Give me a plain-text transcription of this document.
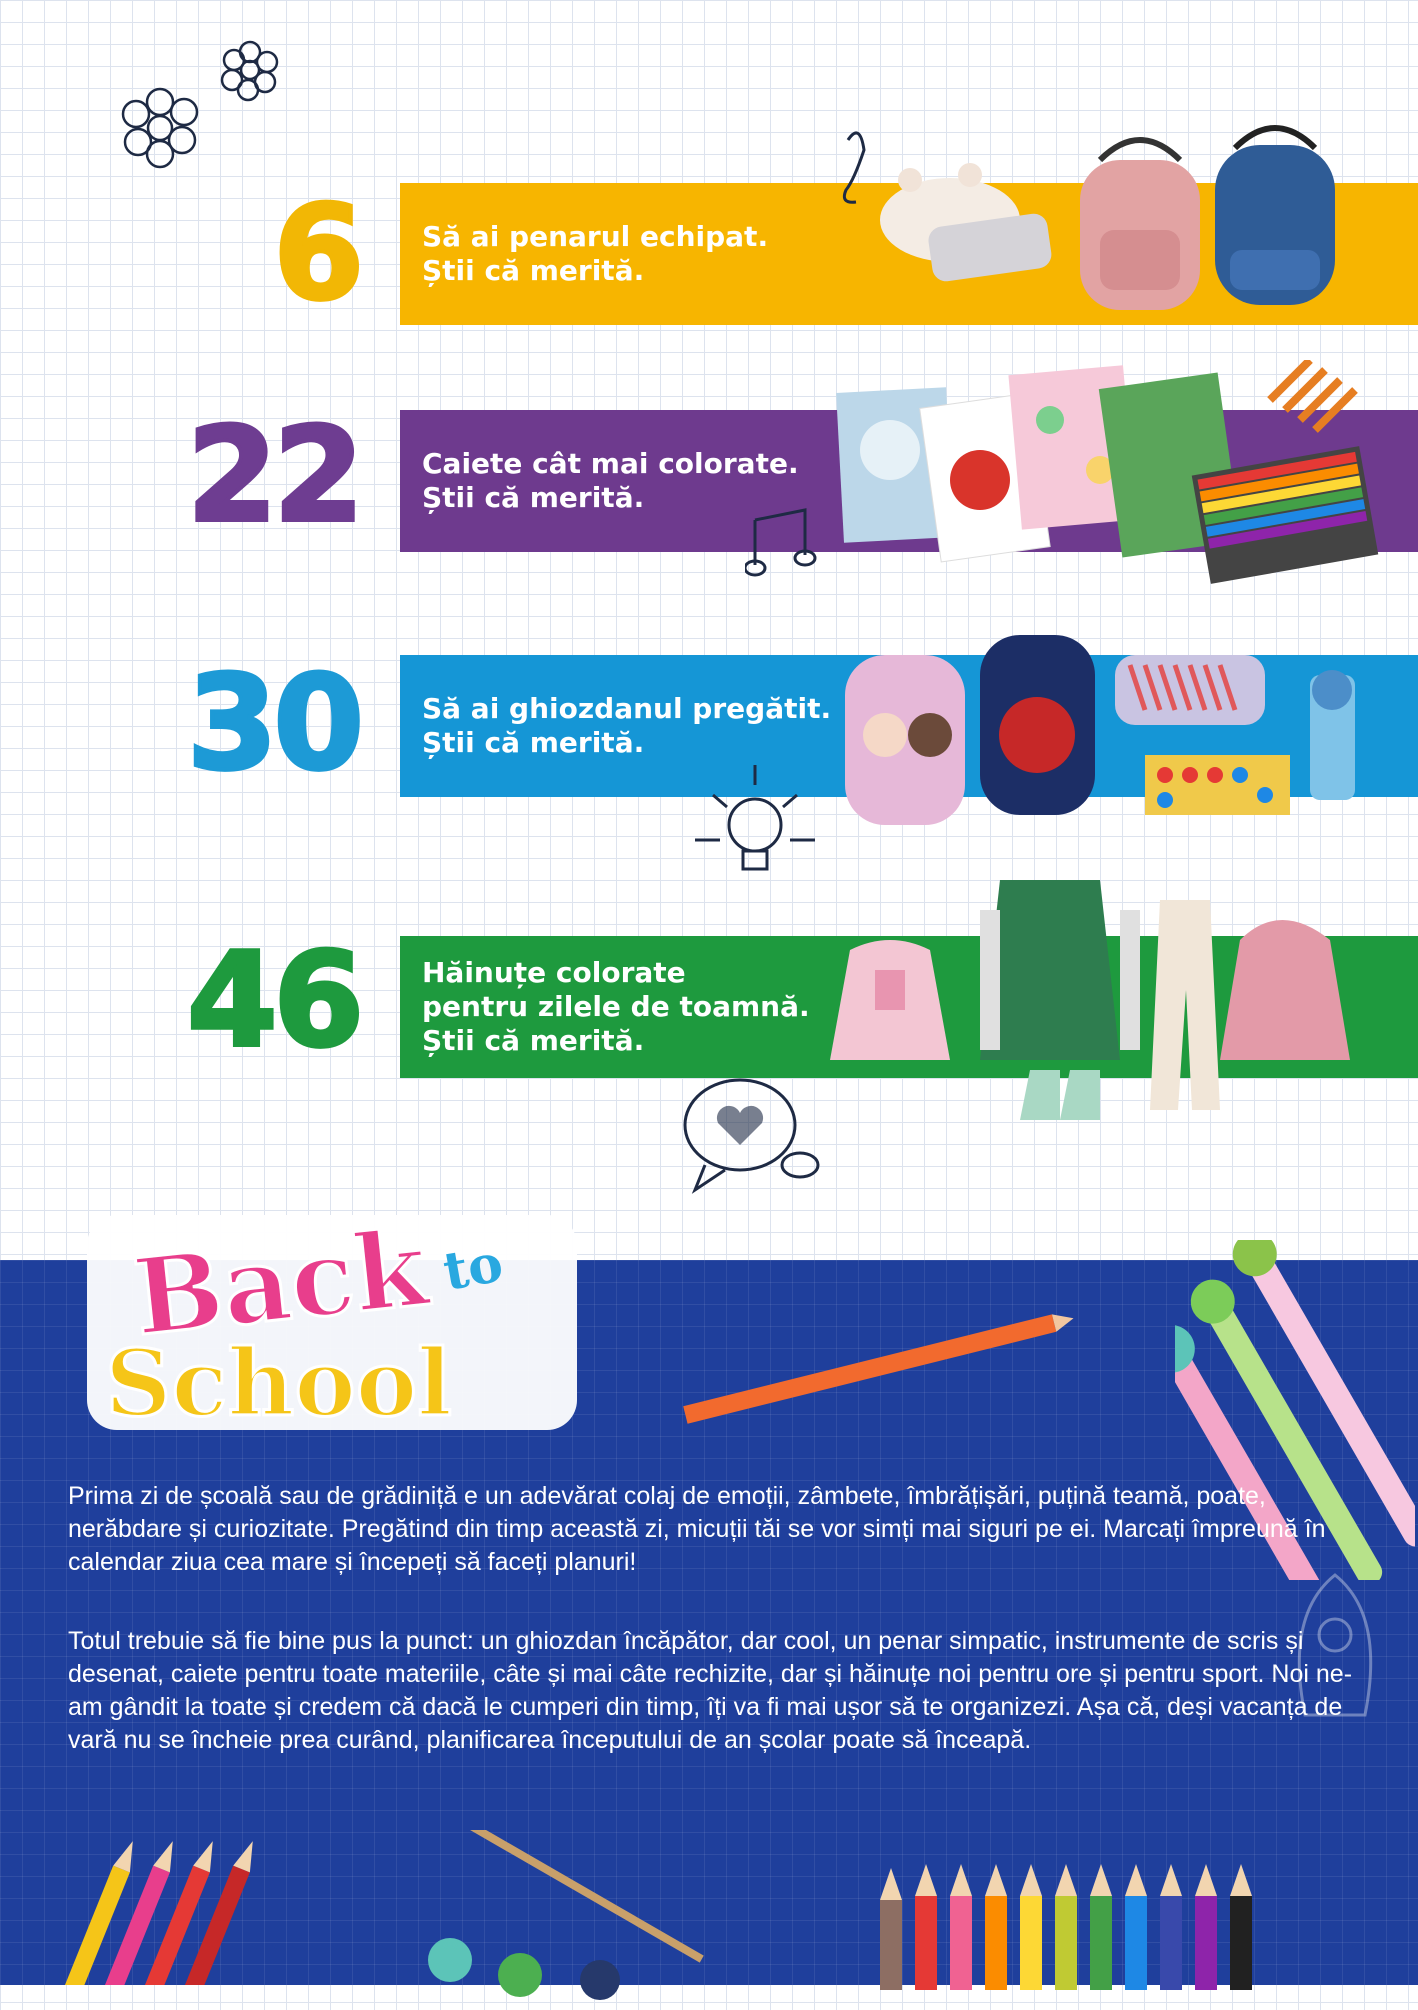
6 Să ai penarul echipat.
Știi că merită.
22 Caiete cât mai colorate.
Știi că merită.
30 Să ai ghiozdanul pregătit.
Știi că merită.
46 Hăinuțe colorate
pentru zilele de toamnă.
Știi că merită.
Back to
School

Prima zi de școală sau de grădiniță e un adevărat colaj de emoții, zâmbete, îmbrățișări, puțină teamă, poate, nerăbdare și curiozitate. Pregătind din timp această zi, micuții tăi se vor simți mai siguri pe ei. Marcați împreună în calendar ziua cea mare și începeți să faceți planuri!

Totul trebuie să fie bine pus la punct: un ghiozdan încăpător, dar cool, un penar simpatic, instrumente de scris și desenat, caiete pentru toate materiile, câte și mai câte rechizite, dar și hăinuțe noi pentru ore și pentru sport. Noi ne-am gândit la toate și credem că dacă le cumperi din timp, îți va fi mai ușor să te organizezi. Așa că, deși vacanța de vară nu se încheie prea curând, planificarea începutului de an școlar poate să înceapă.
